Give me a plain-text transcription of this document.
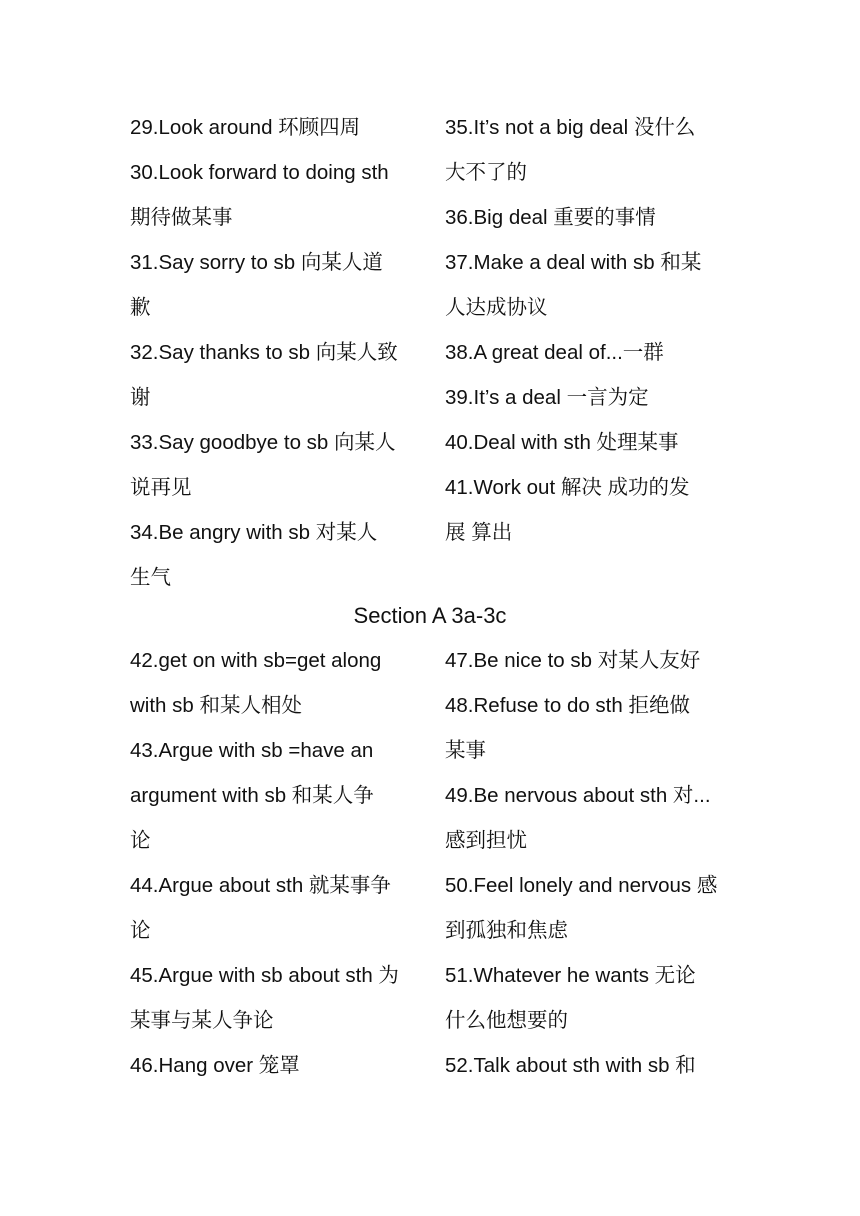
29.Look around 环顾四周
30.Look forward to doing sth
期待做某事
31.Say sorry to sb 向某人道
歉
32.Say thanks to sb 向某人致
谢
33.Say goodbye to sb 向某人
说再见
34.Be angry with sb 对某人
生气
35.It’s not a big deal 没什么
大不了的
36.Big deal 重要的事情
37.Make a deal with sb 和某
人达成协议
38.A great deal of...一群
39.It’s a deal 一言为定
40.Deal with sth 处理某事
41.Work out 解决 成功的发
展 算出
Section A 3a-3c
42.get on with sb=get along
with sb 和某人相处
43.Argue with sb =have an
argument with sb 和某人争
论
44.Argue about sth 就某事争
论
45.Argue with sb about sth 为
某事与某人争论
46.Hang over 笼罩
47.Be nice to sb 对某人友好
48.Refuse to do sth 拒绝做
某事
49.Be nervous about sth 对...
感到担忧
50.Feel lonely and nervous 感
到孤独和焦虑
51.Whatever he wants 无论
什么他想要的
52.Talk about sth with sb 和
